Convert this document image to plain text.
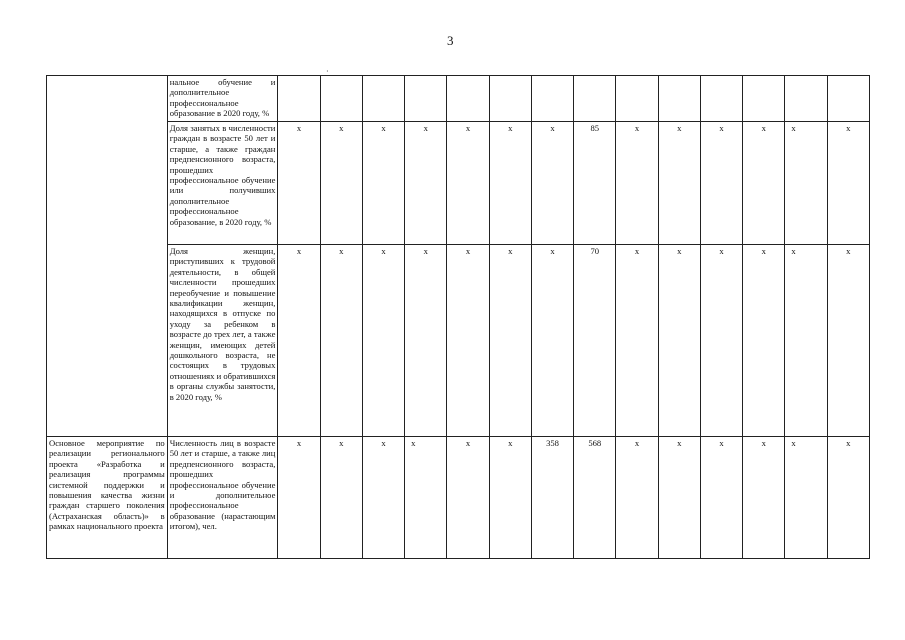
3
·
	нальное обучение и дополнительное профессиональное образование в 2020 году, %														
	Доля занятых в численности граждан в возрасте 50 лет и старше, а также граждан предпенсионного возраста, прошедших профессиональное обучение или получивших дополнительное профессиональное образование, в 2020 году, %	x	x	x	x	x	x	x	85	x	x	x	x	x	x
	Доля женщин, приступивших к трудовой деятельности, в общей численности прошедших переобучение и повышение квалификации женщин, находящихся в отпуске по уходу за ребенком в возрасте до трех лет, а также женщин, имеющих детей дошкольного возраста, не состоящих в трудовых отношениях и обратившихся в органы службы занятости, в 2020 году, %	x	x	x	x	x	x	x	70	x	x	x	x	x	x
Основное мероприятие по реализации регионального проекта «Разработка и реализация программы системной поддержки и повышения качества жизни граждан старшего поколения (Астраханская область)» в рамках национального проекта	Численность лиц в возрасте 50 лет и старше, а также лиц предпенсионного возраста, прошедших профессиональное обучение и дополнительное профессиональное образование (нарастающим итогом), чел.	x	x	x	x	x	x	358	568	x	x	x	x	x	x
